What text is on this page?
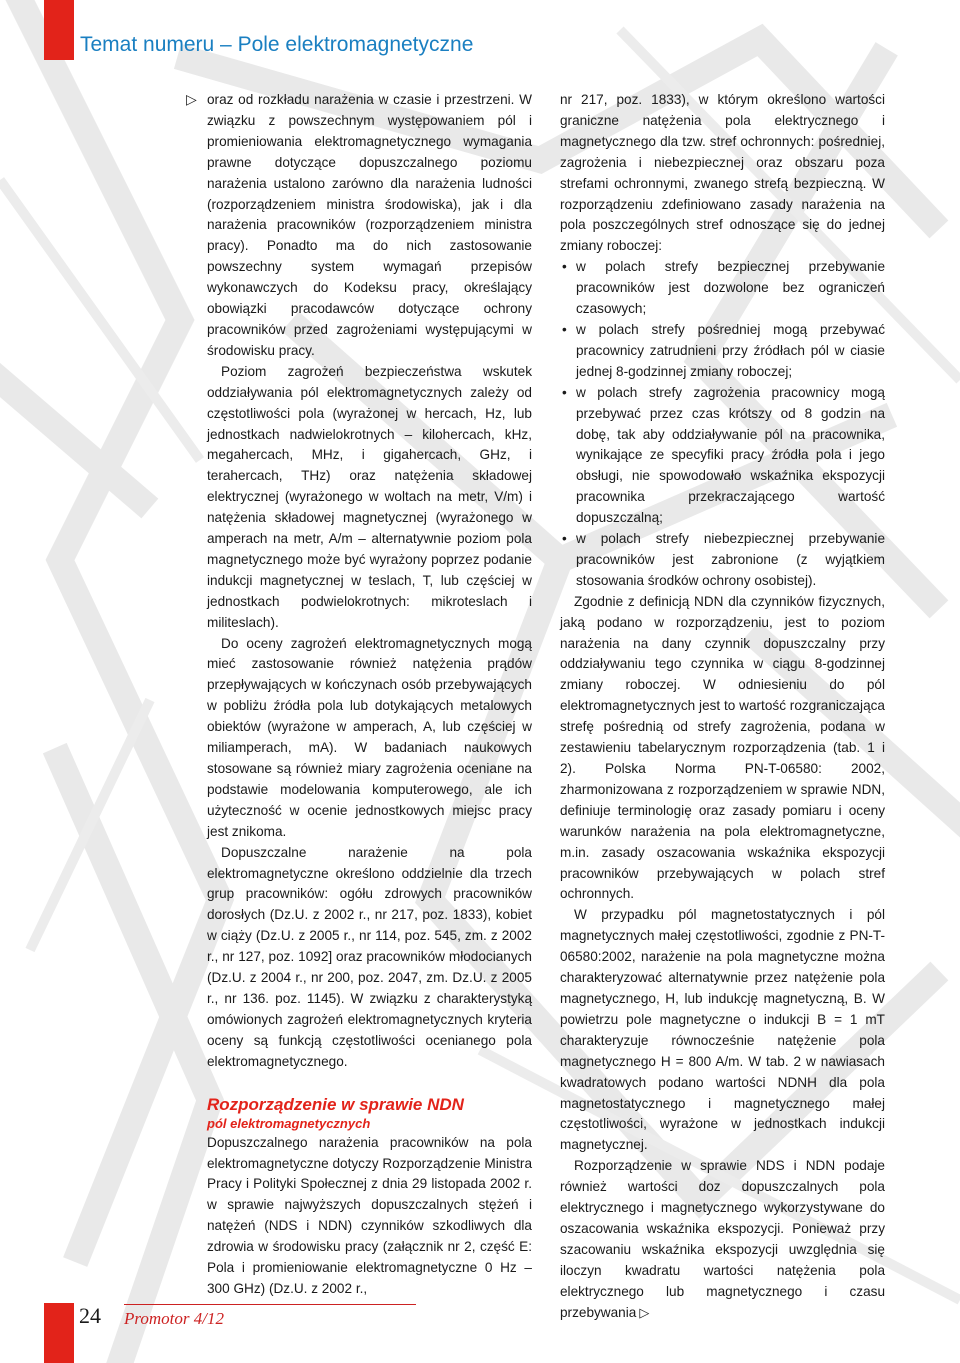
Temat numeru – Pole elektromagnetyczne
▷ oraz od rozkładu narażenia w czasie i przestrzeni. W związku z powszechnym występowaniem pól i promieniowania elektromagnetycznego wymagania prawne dotyczące dopuszczalnego poziomu narażenia ustalono zarówno dla narażenia ludności (rozporządzeniem ministra środowiska), jak i dla narażenia pracowników (rozporządzeniem ministra pracy). Ponadto ma do nich zastosowanie powszechny system wymagań przepisów wykonawczych do Kodeksu pracy, określający obowiązki pracodawców dotyczące ochrony pracowników przed zagrożeniami występującymi w środowisku pracy.

Poziom zagrożeń bezpieczeństwa wskutek oddziaływania pól elektromagnetycznych zależy od częstotliwości pola (wyrażonej w hercach, Hz, lub jednostkach nadwielokrotnych – kilohercach, kHz, megahercach, MHz, i gigahercach, GHz, i terahercach, THz) oraz natężenia składowej elektrycznej (wyrażonego w woltach na metr, V/m) i natężenia składowej magnetycznej (wyrażonego w amperach na metr, A/m – alternatywnie poziom pola magnetycznego może być wyrażony poprzez podanie indukcji magnetycznej w teslach, T, lub częściej w jednostkach podwielokrotnych: mikroteslach i militeslach).

Do oceny zagrożeń elektromagnetycznych mogą mieć zastosowanie również natężenia prądów przepływających w kończynach osób przebywających w pobliżu źródła pola lub dotykających metalowych obiektów (wyrażone w amperach, A, lub częściej w miliamperach, mA). W badaniach naukowych stosowane są również miary zagrożenia oceniane na podstawie modelowania komputerowego, ale ich użyteczność w ocenie jednostkowych miejsc pracy jest znikoma.

Dopuszczalne narażenie na pola elektromagnetyczne określono oddzielnie dla trzech grup pracowników: ogółu zdrowych pracowników dorosłych (Dz.U. z 2002 r., nr 217, poz. 1833), kobiet w ciąży (Dz.U. z 2005 r., nr 114, poz. 545, zm. z 2002 r., nr 127, poz. 1092] oraz pracowników młodocianych (Dz.U. z 2004 r., nr 200, poz. 2047, zm. Dz.U. z 2005 r., nr 136. poz. 1145). W związku z charakterystyką omówionych zagrożeń elektromagnetycznych kryteria oceny są funkcją częstotliwości ocenianego pola elektromagnetycznego.

Rozporządzenie w sprawie NDN
pól elektromagnetycznych

Dopuszczalnego narażenia pracowników na pola elektromagnetyczne dotyczy Rozporządzenie Ministra Pracy i Polityki Społecznej z dnia 29 listopada 2002 r. w sprawie najwyższych dopuszczalnych stężeń i natężeń (NDS i NDN) czynników szkodliwych dla zdrowia w środowisku pracy (załącznik nr 2, część E: Pola i promieniowanie elektromagnetyczne 0 Hz – 300 GHz) (Dz.U. z 2002 r.,

nr 217, poz. 1833), w którym określono wartości graniczne natężenia pola elektrycznego i magnetycznego dla tzw. stref ochronnych: pośredniej, zagrożenia i niebezpiecznej oraz obszaru poza strefami ochronnymi, zwanego strefą bezpieczną. W rozporządzeniu zdefiniowano zasady narażenia na pola poszczególnych stref odnoszące się do jednej zmiany roboczej:

• w polach strefy bezpiecznej przebywanie pracowników jest dozwolone bez ograniczeń czasowych;
• w polach strefy pośredniej mogą przebywać pracownicy zatrudnieni przy źródłach pól w ciasie jednej 8-godzinnej zmiany roboczej;
• w polach strefy zagrożenia pracownicy mogą przebywać przez czas krótszy od 8 godzin na dobę, tak aby oddziaływanie pól na pracownika, wynikające ze specyfiki pracy źródła pola i jego obsługi, nie spowodowało wskaźnika ekspozycji pracownika przekraczającego wartość dopuszczalną;
• w polach strefy niebezpiecznej przebywanie pracowników jest zabronione (z wyjątkiem stosowania środków ochrony osobistej).

Zgodnie z definicją NDN dla czynników fizycznych, jaką podano w rozporządzeniu, jest to poziom narażenia na dany czynnik dopuszczalny przy oddziaływaniu tego czynnika w ciągu 8-godzinnej zmiany roboczej. W odniesieniu do pól elektromagnetycznych jest to wartość rozgraniczająca strefę pośrednią od strefy zagrożenia, podana w zestawieniu tabelarycznym rozporządzenia (tab. 1 i 2). Polska Norma PN-T-06580: 2002, zharmonizowana z rozporządzeniem w sprawie NDN, definiuje terminologię oraz zasady pomiaru i oceny warunków narażenia na pola elektromagnetyczne, m.in. zasady oszacowania wskaźnika ekspozycji pracowników przebywających w polach stref ochronnych.

W przypadku pól magnetostatycznych i pól magnetycznych małej częstotliwości, zgodnie z PN-T-06580:2002, narażenie na pola magnetyczne można charakteryzować alternatywnie przez natężenie pola magnetycznego, H, lub indukcję magnetyczną, B. W powietrzu pole magnetyczne o indukcji B = 1 mT charakteryzuje równocześnie natężenie pola magnetycznego H = 800 A/m. W tab. 2 w nawiasach kwadratowych podano wartości NDNH dla pola magnetostatycznego i magnetycznego małej częstotliwości, wyrażone w jednostkach indukcji magnetycznej.

Rozporządzenie w sprawie NDS i NDN podaje również wartości doz dopuszczalnych pola elektrycznego i magnetycznego wykorzystywane do oszacowania wskaźnika ekspozycji. Ponieważ przy szacowaniu wskaźnika ekspozycji uwzględnia się iloczyn kwadratu wartości natężenia pola elektrycznego lub magnetycznego i czasu przebywania ▷

24 Promotor 4/12
